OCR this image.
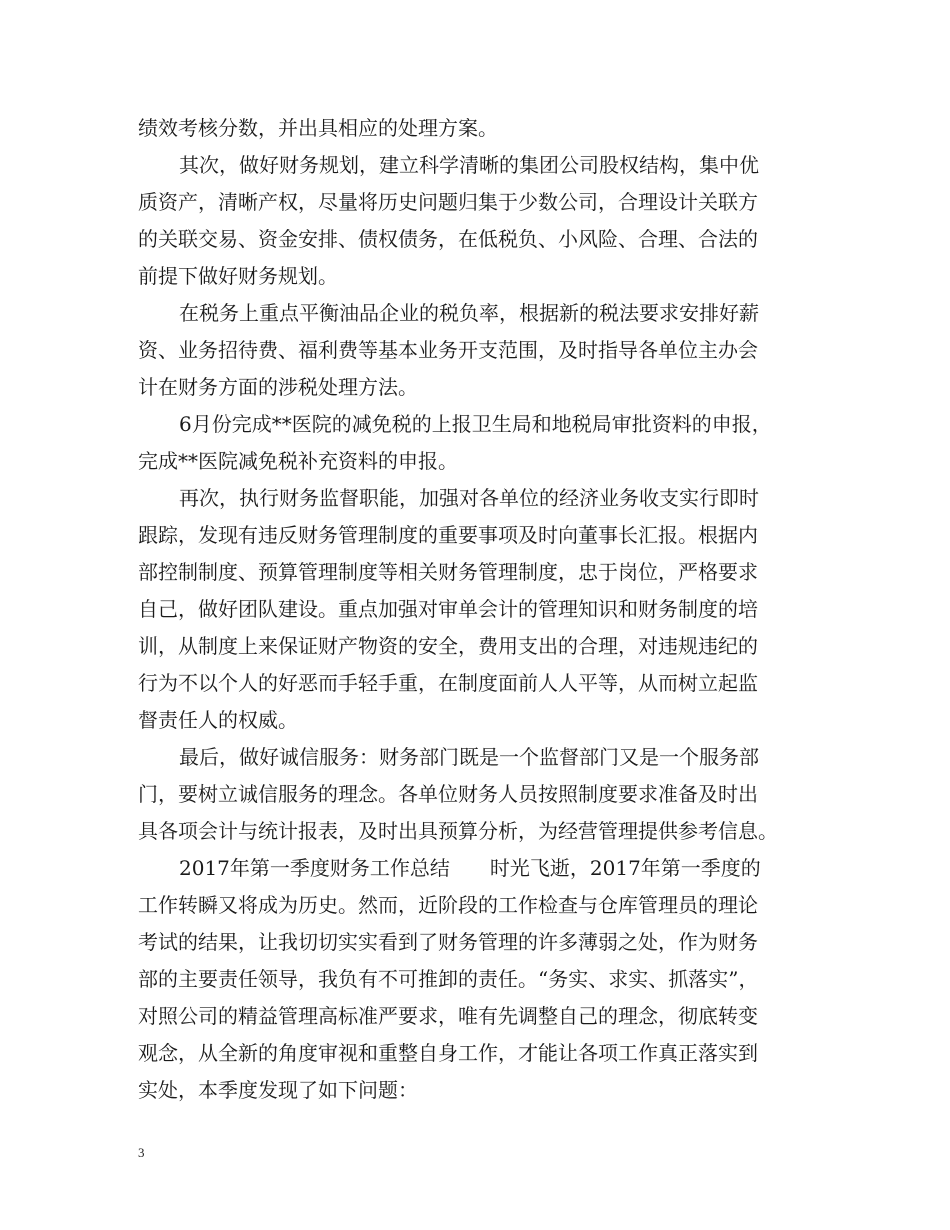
绩效考核分数，并出具相应的处理方案。

其次，做好财务规划，建立科学清晰的集团公司股权结构，集中优

质资产，清晰产权，尽量将历史问题归集于少数公司，合理设计关联方

的关联交易、资金安排、债权债务，在低税负、小风险、合理、合法的

前提下做好财务规划。

在税务上重点平衡油品企业的税负率，根据新的税法要求安排好薪

资、业务招待费、福利费等基本业务开支范围，及时指导各单位主办会

计在财务方面的涉税处理方法。

6月份完成**医院的减免税的上报卫生局和地税局审批资料的申报，

完成**医院减免税补充资料的申报。

再次，执行财务监督职能，加强对各单位的经济业务收支实行即时

跟踪，发现有违反财务管理制度的重要事项及时向董事长汇报。根据内

部控制制度、预算管理制度等相关财务管理制度，忠于岗位，严格要求

自己，做好团队建设。重点加强对审单会计的管理知识和财务制度的培

训，从制度上来保证财产物资的安全，费用支出的合理，对违规违纪的

行为不以个人的好恶而手轻手重，在制度面前人人平等，从而树立起监

督责任人的权威。

最后，做好诚信服务：财务部门既是一个监督部门又是一个服务部

门，要树立诚信服务的理念。各单位财务人员按照制度要求准备及时出

具各项会计与统计报表，及时出具预算分析，为经营管理提供参考信息。

2017年第一季度财务工作总结　　时光飞逝，2017年第一季度的

工作转瞬又将成为历史。然而，近阶段的工作检查与仓库管理员的理论

考试的结果，让我切切实实看到了财务管理的许多薄弱之处，作为财务

部的主要责任领导，我负有不可推卸的责任。“务实、求实、抓落实”，

对照公司的精益管理高标准严要求，唯有先调整自己的理念，彻底转变

观念，从全新的角度审视和重整自身工作，才能让各项工作真正落实到

实处，本季度发现了如下问题：

3
